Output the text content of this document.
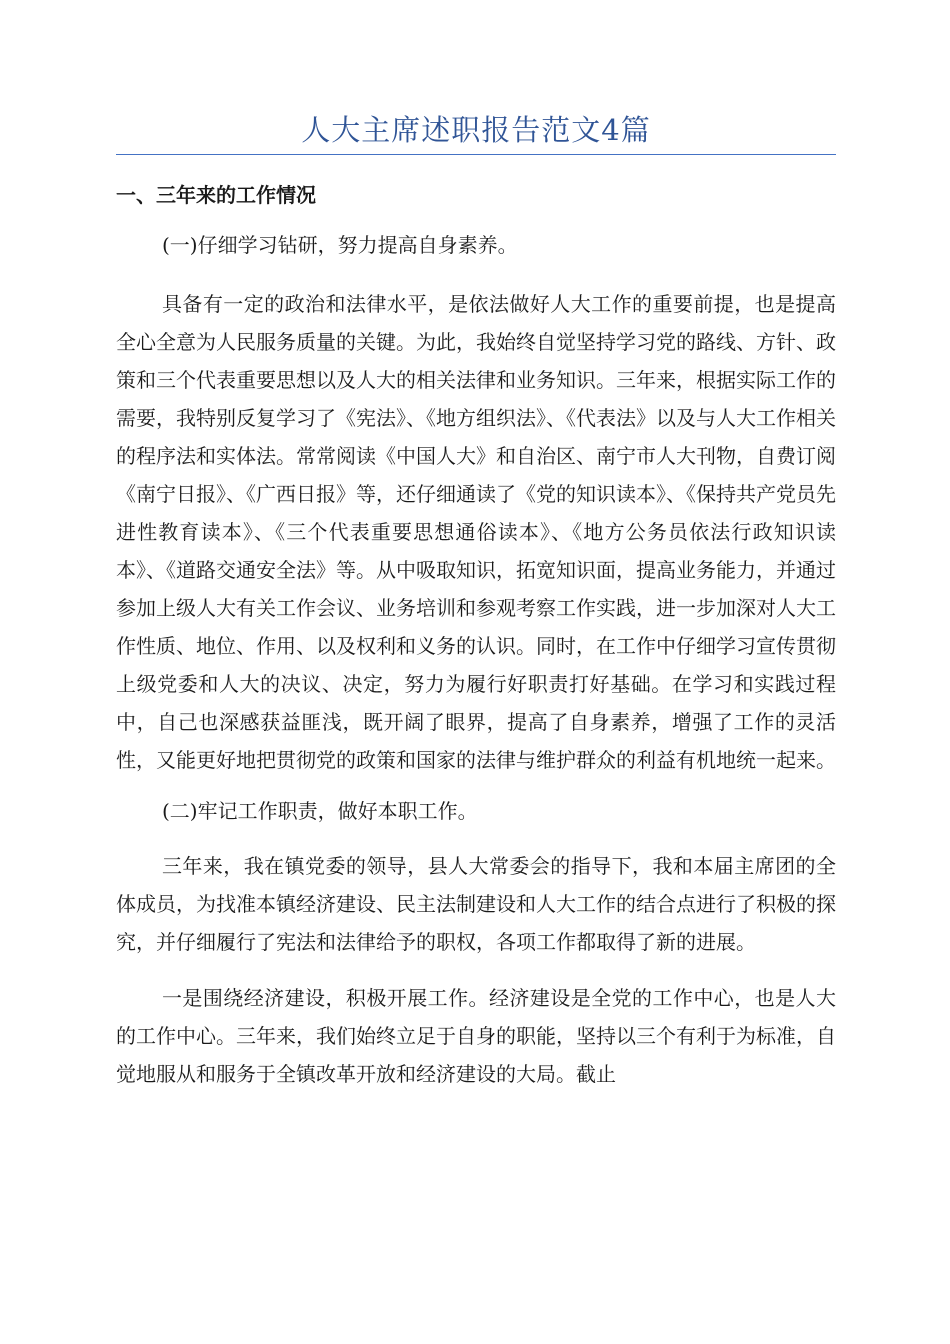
人大主席述职报告范文4篇
一、三年来的工作情况
(一)仔细学习钻研，努力提高自身素养。

具备有一定的政治和法律水平，是依法做好人大工作的重要前提，也是提高全心全意为人民服务质量的关键。为此，我始终自觉坚持学习党的路线、方针、政策和三个代表重要思想以及人大的相关法律和业务知识。三年来，根据实际工作的需要，我特别反复学习了《宪法》、《地方组织法》、《代表法》以及与人大工作相关的程序法和实体法。常常阅读《中国人大》和自治区、南宁市人大刊物，自费订阅《南宁日报》、《广西日报》等，还仔细通读了《党的知识读本》、《保持共产党员先进性教育读本》、《三个代表重要思想通俗读本》、《地方公务员依法行政知识读本》、《道路交通安全法》等。从中吸取知识，拓宽知识面，提高业务能力，并通过参加上级人大有关工作会议、业务培训和参观考察工作实践，进一步加深对人大工作性质、地位、作用、以及权利和义务的认识。同时，在工作中仔细学习宣传贯彻上级党委和人大的决议、决定，努力为履行好职责打好基础。在学习和实践过程中，自己也深感获益匪浅，既开阔了眼界，提高了自身素养，增强了工作的灵活性，又能更好地把贯彻党的政策和国家的法律与维护群众的利益有机地统一起来。

(二)牢记工作职责，做好本职工作。

三年来，我在镇党委的领导，县人大常委会的指导下，我和本届主席团的全体成员，为找准本镇经济建设、民主法制建设和人大工作的结合点进行了积极的探究，并仔细履行了宪法和法律给予的职权，各项工作都取得了新的进展。

一是围绕经济建设，积极开展工作。经济建设是全党的工作中心，也是人大的工作中心。三年来，我们始终立足于自身的职能，坚持以三个有利于为标准，自觉地服从和服务于全镇改革开放和经济建设的大局。截止
